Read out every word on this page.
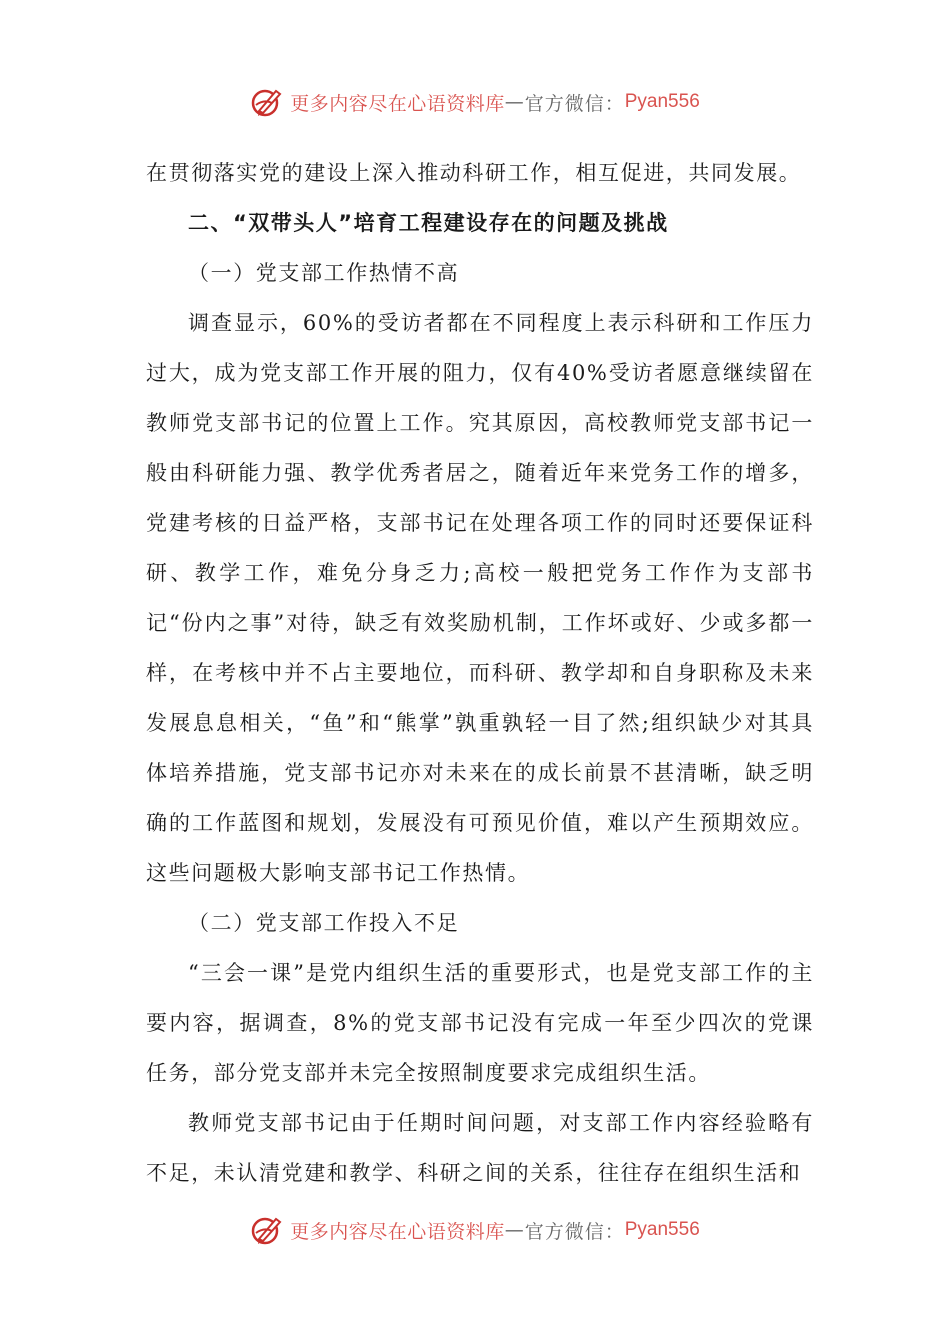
更多内容尽在心语资料库 — 官方微信： Pyan556

在贯彻落实党的建设上深入推动科研工作，相互促进，共同发展。

二、“双带头人”培育工程建设存在的问题及挑战

（一）党支部工作热情不高

调查显示，60%的受访者都在不同程度上表示科研和工作压力过大，成为党支部工作开展的阻力，仅有40%受访者愿意继续留在教师党支部书记的位置上工作。究其原因，高校教师党支部书记一般由科研能力强、教学优秀者居之，随着近年来党务工作的增多，党建考核的日益严格，支部书记在处理各项工作的同时还要保证科研、教学工作，难免分身乏力;高校一般把党务工作作为支部书记“份内之事”对待，缺乏有效奖励机制，工作坏或好、少或多都一样，在考核中并不占主要地位，而科研、教学却和自身职称及未来发展息息相关，“鱼”和“熊掌”孰重孰轻一目了然;组织缺少对其具体培养措施，党支部书记亦对未来在的成长前景不甚清晰，缺乏明确的工作蓝图和规划，发展没有可预见价值，难以产生预期效应。这些问题极大影响支部书记工作热情。

（二）党支部工作投入不足

“三会一课”是党内组织生活的重要形式，也是党支部工作的主要内容，据调查，8%的党支部书记没有完成一年至少四次的党课任务，部分党支部并未完全按照制度要求完成组织生活。

教师党支部书记由于任期时间问题，对支部工作内容经验略有不足，未认清党建和教学、科研之间的关系，往往存在组织生活和

更多内容尽在心语资料库 — 官方微信： Pyan556
